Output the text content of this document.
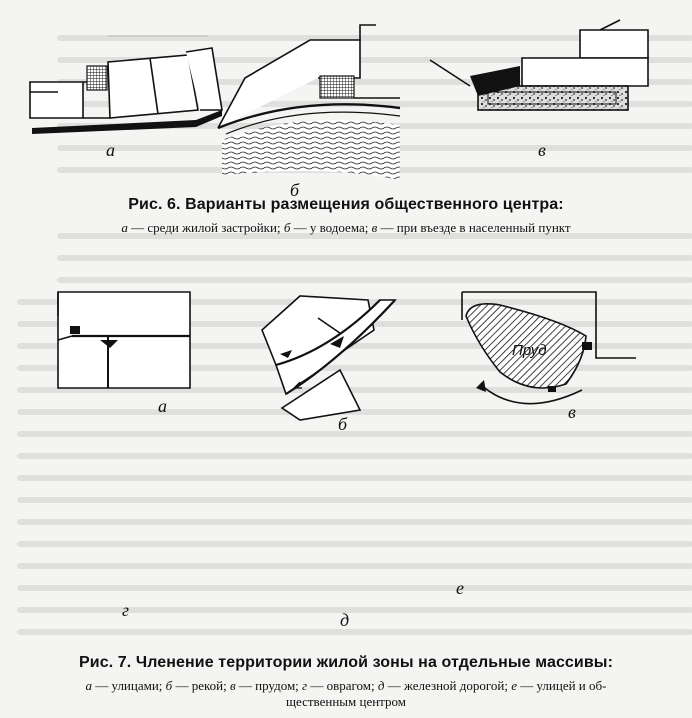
а
б
в
Рис. 6. Варианты размещения общественного центра:
а — среди жилой застройки; б — у водоема; в — при въезде в населенный пункт
а
б
в
г	д
е
Пруд
Рис. 7. Членение территории жилой зоны на отдельные массивы:
а — улицами; б — рекой; в — прудом; г — оврагом; д — железной дорогой; е — улицей и об-
щественным центром
